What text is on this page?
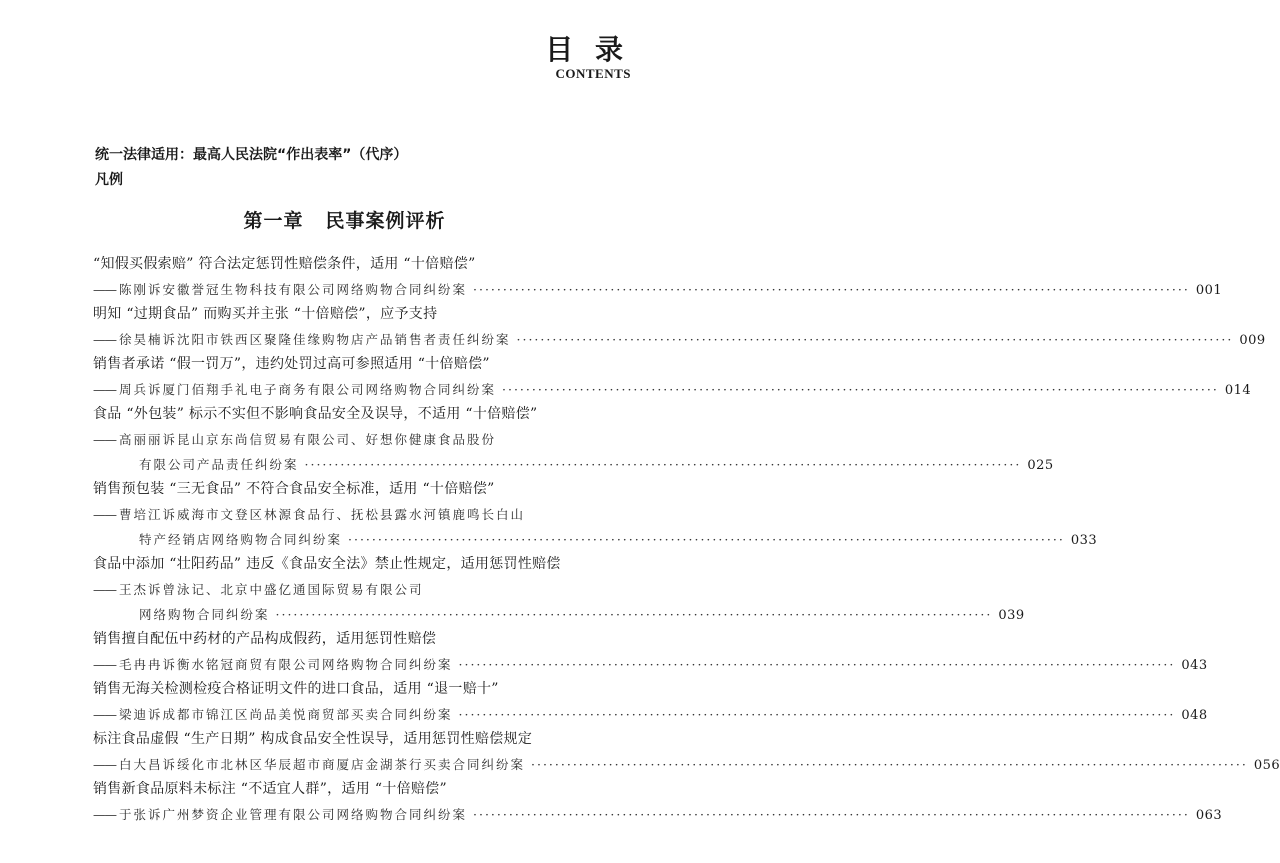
目 录
CONTENTS
统一法律适用：最高人民法院“作出表率”（代序）
凡例
第一章 民事案例评析
“知假买假索赔” 符合法定惩罚性赔偿条件，适用 “十倍赔偿”
—— 陈刚诉安徽誉冠生物科技有限公司网络购物合同纠纷案 ························································································································ 001
明知 “过期食品” 而购买并主张 “十倍赔偿”，应予支持
—— 徐昊楠诉沈阳市铁西区聚隆佳缘购物店产品销售者责任纠纷案 ························································································································ 009
销售者承诺 “假一罚万”，违约处罚过高可参照适用 “十倍赔偿”
—— 周兵诉厦门佰翔手礼电子商务有限公司网络购物合同纠纷案 ························································································································ 014
食品 “外包装” 标示不实但不影响食品安全及误导，不适用 “十倍赔偿”
—— 高丽丽诉昆山京东尚信贸易有限公司、好想你健康食品股份
有限公司产品责任纠纷案 ························································································································ 025
销售预包装 “三无食品” 不符合食品安全标准，适用 “十倍赔偿”
—— 曹培江诉威海市文登区林源食品行、抚松县露水河镇鹿鸣长白山
特产经销店网络购物合同纠纷案 ························································································································ 033
食品中添加 “壮阳药品” 违反《食品安全法》禁止性规定，适用惩罚性赔偿
—— 王杰诉曾泳记、北京中盛亿通国际贸易有限公司
网络购物合同纠纷案 ························································································································ 039
销售擅自配伍中药材的产品构成假药，适用惩罚性赔偿
—— 毛冉冉诉衡水铭冠商贸有限公司网络购物合同纠纷案 ························································································································ 043
销售无海关检测检疫合格证明文件的进口食品，适用 “退一赔十”
—— 梁迪诉成都市锦江区尚品美悦商贸部买卖合同纠纷案 ························································································································ 048
标注食品虚假 “生产日期” 构成食品安全性误导，适用惩罚性赔偿规定
—— 白大昌诉绥化市北林区华辰超市商厦店金湖茶行买卖合同纠纷案 ························································································································ 056
销售新食品原料未标注 “不适宜人群”，适用 “十倍赔偿”
—— 于张诉广州梦资企业管理有限公司网络购物合同纠纷案 ························································································································ 063
